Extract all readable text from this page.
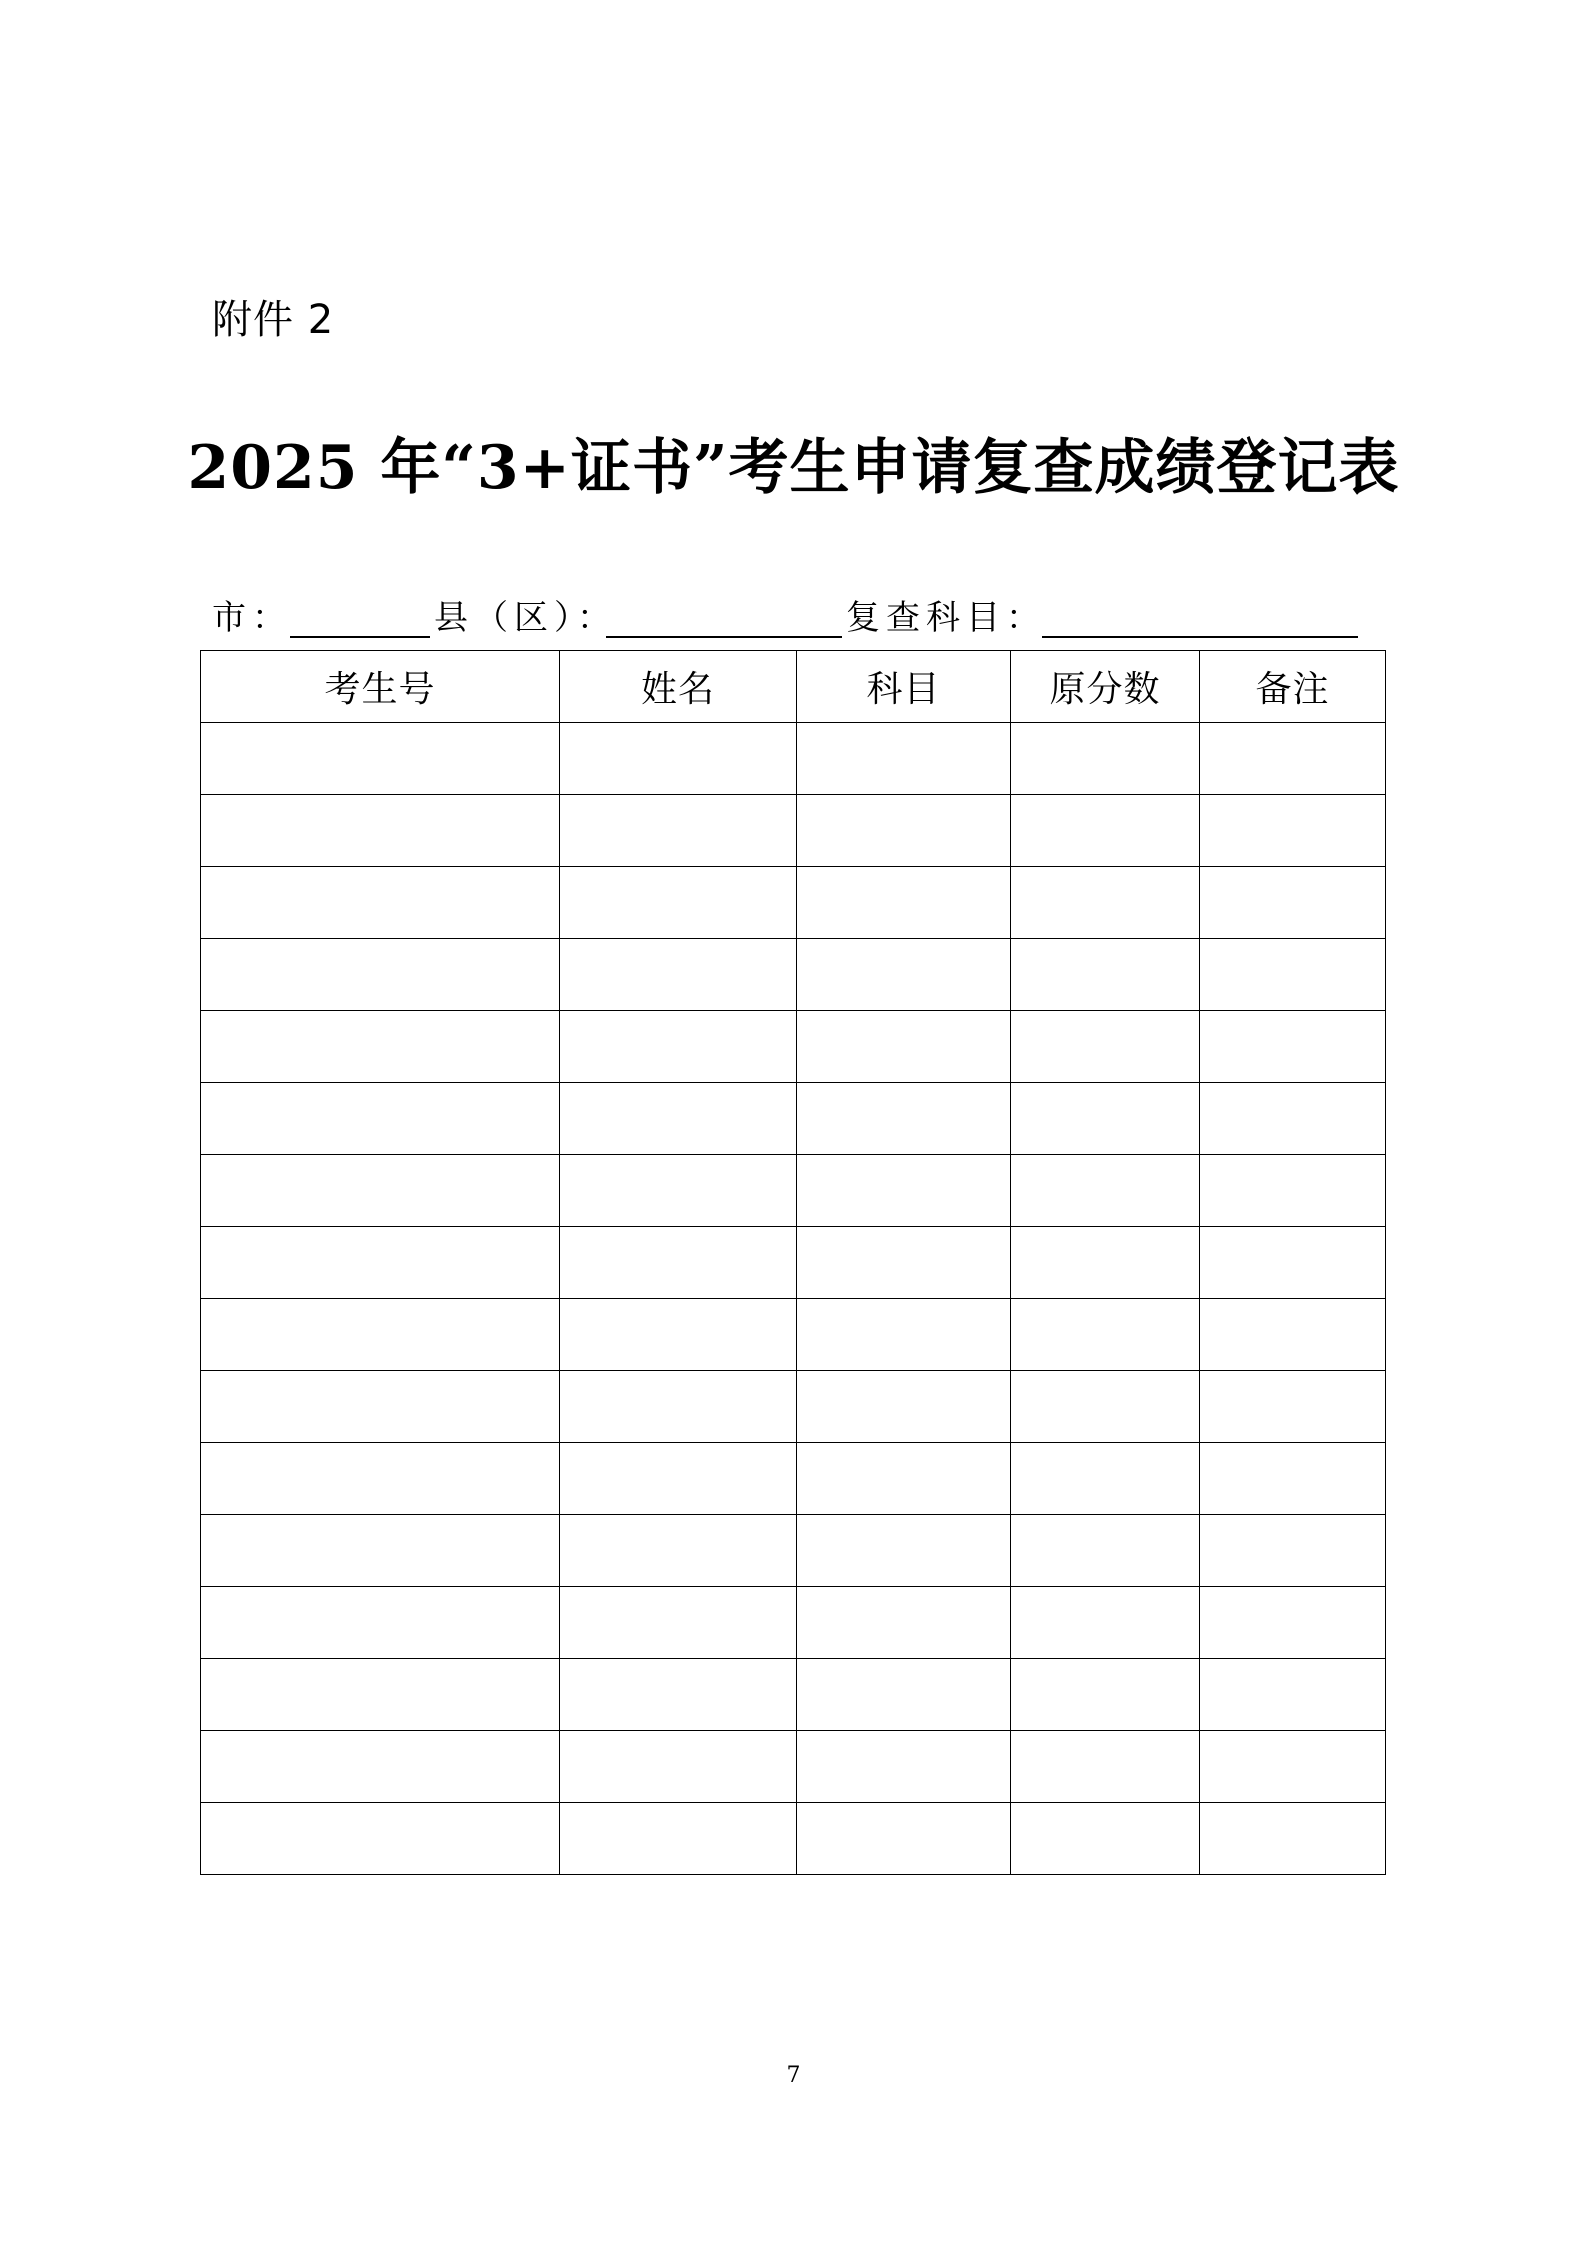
附件 2
2025 年“3+证书”考生申请复查成绩登记表
市：	县（区）：	复查科目：
考生号	姓名	科目	原分数	备注

7
